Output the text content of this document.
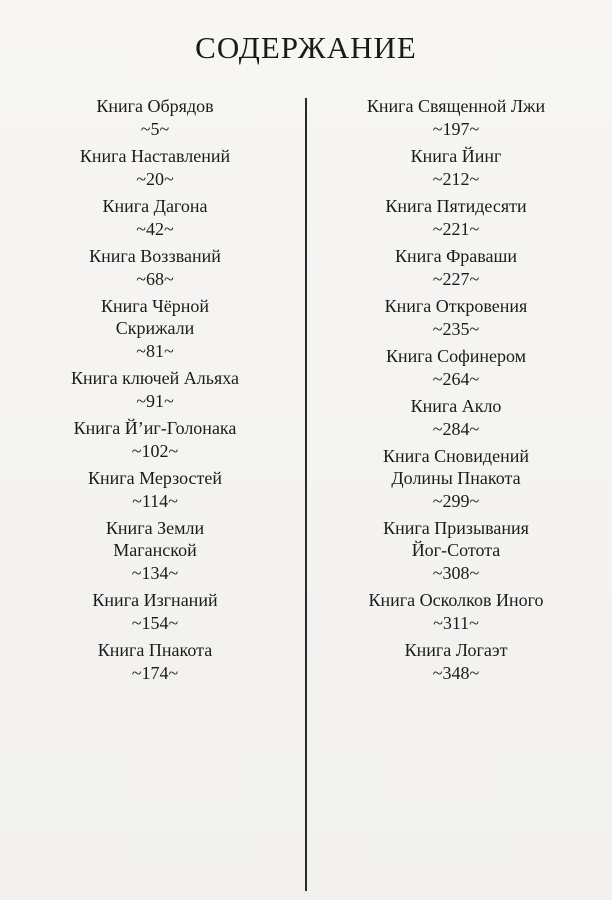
СОДЕРЖАНИЕ
Книга Обрядов
~5~
Книга Наставлений
~20~
Книга Дагона
~42~
Книга Воззваний
~68~
Книга Чёрной
Скрижали
~81~
Книга ключей Альяха
~91~
Книга Й’иг-Голонака
~102~
Книга Мерзостей
~114~
Книга Земли
Маганской
~134~
Книга Изгнаний
~154~
Книга Пнакота
~174~
Книга Священной Лжи
~197~
Книга Йинг
~212~
Книга Пятидесяти
~221~
Книга Фраваши
~227~
Книга Откровения
~235~
Книга Софинером
~264~
Книга Акло
~284~
Книга Сновидений
Долины Пнакота
~299~
Книга Призывания
Йог-Сотота
~308~
Книга Осколков Иного
~311~
Книга Логаэт
~348~
